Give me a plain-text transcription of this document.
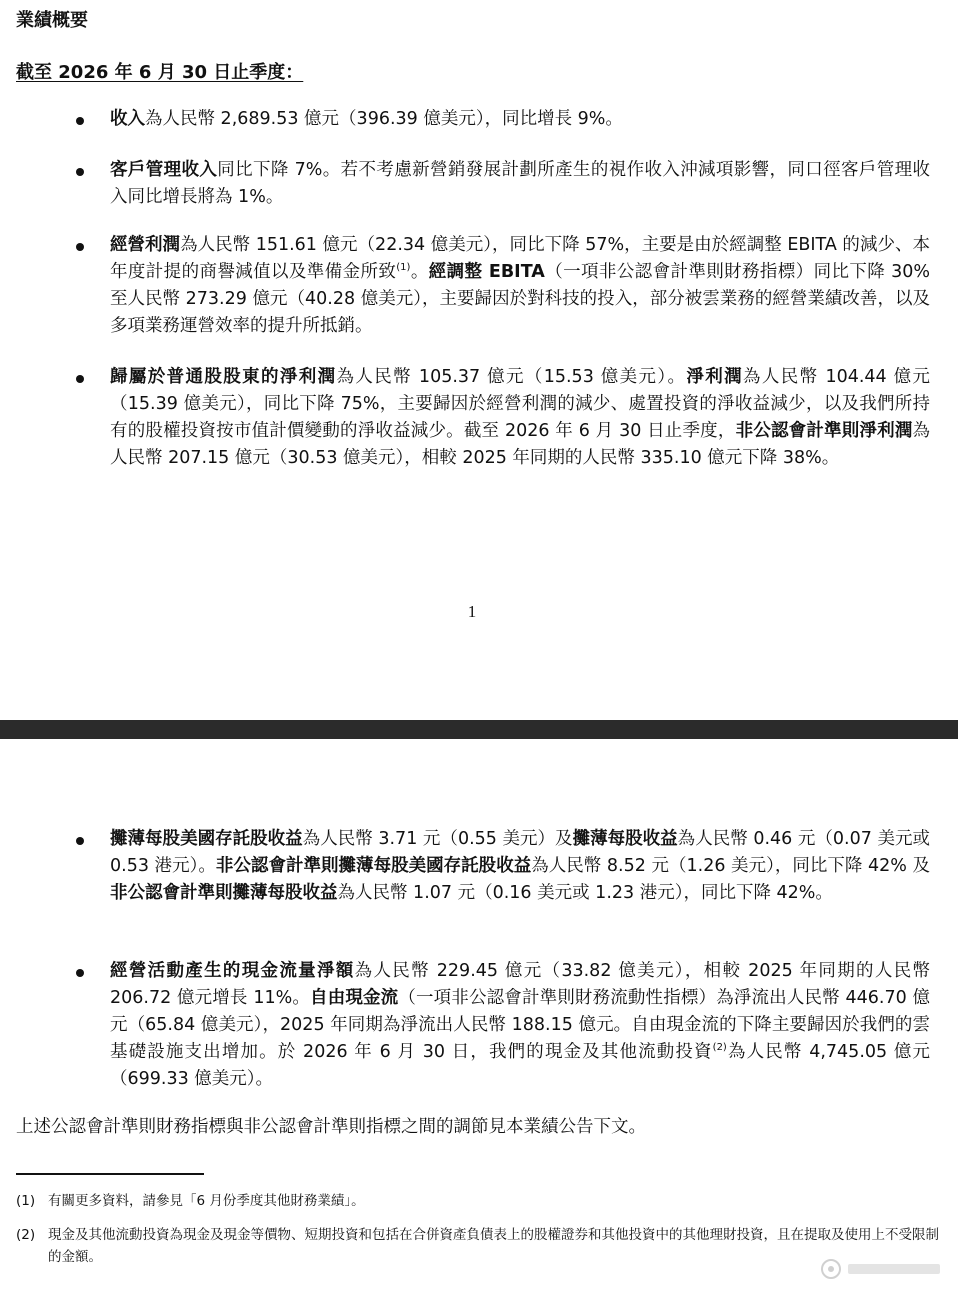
業績概要
截至 2026 年 6 月 30 日止季度：
收入為人民幣 2,689.53 億元（396.39 億美元），同比增長 9%。
客戶管理收入同比下降 7%。若不考慮新營銷發展計劃所產生的視作收入沖減項影響，同口徑客戶管理收入同比增長將為 1%。
經營利潤為人民幣 151.61 億元（22.34 億美元），同比下降 57%，主要是由於經調整 EBITA 的減少、本年度計提的商譽減值以及準備金所致$^{(1)}$。經調整 EBITA（一項非公認會計準則財務指標）同比下降 30% 至人民幣 273.29 億元（40.28 億美元），主要歸因於對科技的投入，部分被雲業務的經營業績改善，以及多項業務運營效率的提升所抵銷。
歸屬於普通股股東的淨利潤為人民幣 105.37 億元（15.53 億美元）。淨利潤為人民幣 104.44 億元（15.39 億美元），同比下降 75%，主要歸因於經營利潤的減少、處置投資的淨收益減少，以及我們所持有的股權投資按市值計價變動的淨收益減少。截至 2026 年 6 月 30 日止季度，非公認會計準則淨利潤為人民幣 207.15 億元（30.53 億美元），相較 2025 年同期的人民幣 335.10 億元下降 38%。
1
攤薄每股美國存託股收益為人民幣 3.71 元（0.55 美元）及攤薄每股收益為人民幣 0.46 元（0.07 美元或 0.53 港元）。非公認會計準則攤薄每股美國存託股收益為人民幣 8.52 元（1.26 美元），同比下降 42% 及非公認會計準則攤薄每股收益為人民幣 1.07 元（0.16 美元或 1.23 港元），同比下降 42%。
經營活動產生的現金流量淨額為人民幣 229.45 億元（33.82 億美元），相較 2025 年同期的人民幣 206.72 億元增長 11%。自由現金流（一項非公認會計準則財務流動性指標）為淨流出人民幣 446.70 億元（65.84 億美元），2025 年同期為淨流出人民幣 188.15 億元。自由現金流的下降主要歸因於我們的雲基礎設施支出增加。於 2026 年 6 月 30 日，我們的現金及其他流動投資$^{(2)}$為人民幣 4,745.05 億元（699.33 億美元）。
上述公認會計準則財務指標與非公認會計準則指標之間的調節見本業績公告下文。
(1) 有關更多資料，請參見「6 月份季度其他財務業績」。
(2) 現金及其他流動投資為現金及現金等價物、短期投資和包括在合併資產負債表上的股權證券和其他投資中的其他理財投資，且在提取及使用上不受限制的金額。
